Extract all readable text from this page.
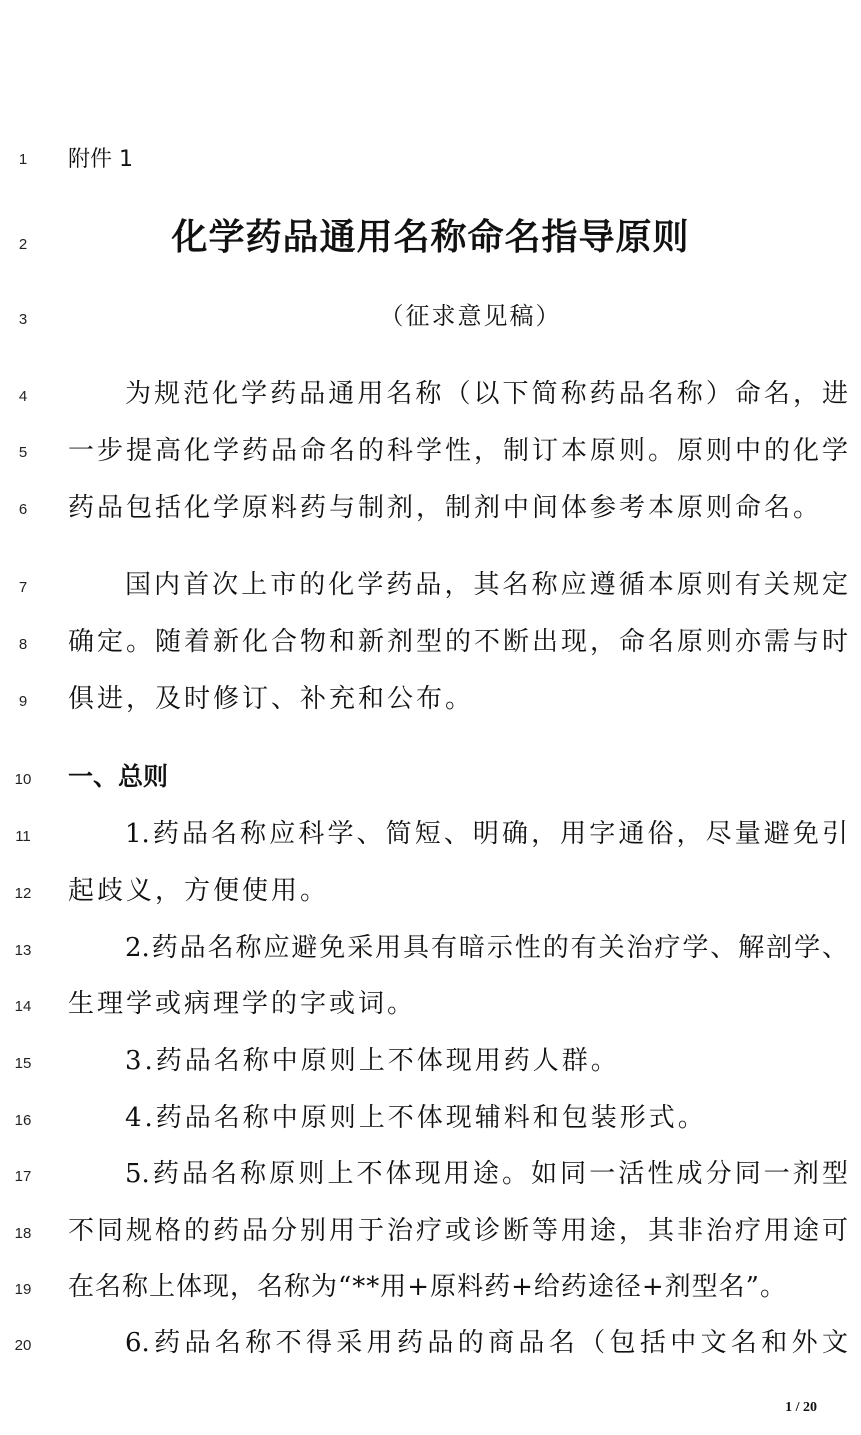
1
2
3
4
5
6
7
8
9
10
11
12
13
14
15
16
17
18
19
20
附件 1
化学药品通用名称命名指导原则
（征求意见稿）
为规范化学药品通用名称（以下简称药品名称）命名，进
一步提高化学药品命名的科学性，制订本原则。原则中的化学
药品包括化学原料药与制剂，制剂中间体参考本原则命名。
国内首次上市的化学药品，其名称应遵循本原则有关规定
确定。随着新化合物和新剂型的不断出现，命名原则亦需与时
俱进，及时修订、补充和公布。
一、总则
1.药品名称应科学、简短、明确，用字通俗，尽量避免引
起歧义，方便使用。
2.药品名称应避免采用具有暗示性的有关治疗学、解剖学、
生理学或病理学的字或词。
3.药品名称中原则上不体现用药人群。
4.药品名称中原则上不体现辅料和包装形式。
5.药品名称原则上不体现用途。如同一活性成分同一剂型
不同规格的药品分别用于治疗或诊断等用途，其非治疗用途可
在名称上体现，名称为“**用+原料药+给药途径+剂型名”。
6.药品名称不得采用药品的商品名（包括中文名和外文
1 / 20
